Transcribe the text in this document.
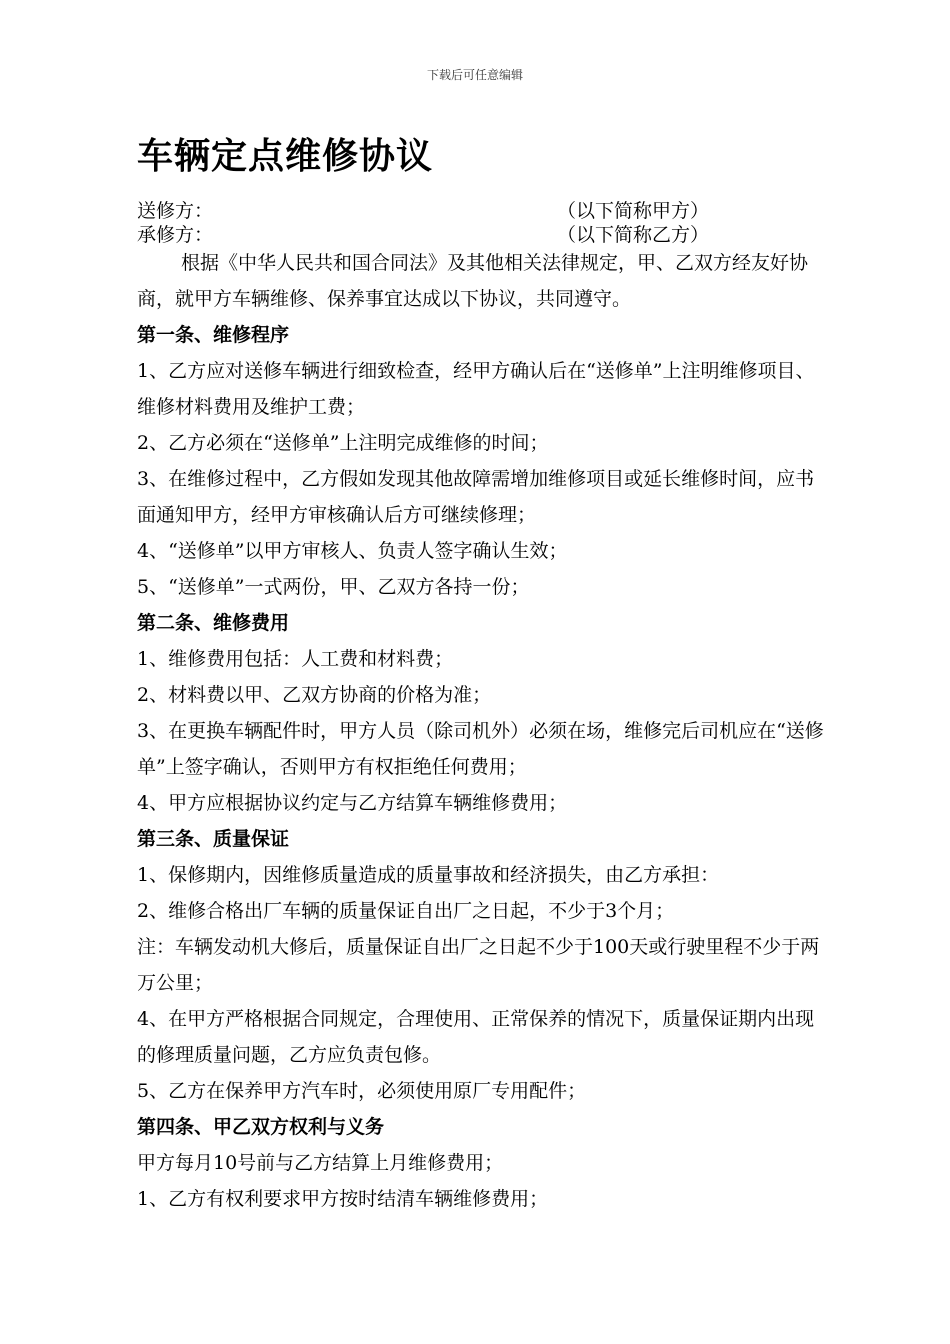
下载后可任意编辑
车辆定点维修协议
送修方：	（以下简称甲方）
承修方：	（以下简称乙方）

根据《中华人民共和国合同法》及其他相关法律规定，甲、乙双方经友好协商，就甲方车辆维修、保养事宜达成以下协议，共同遵守。

第一条、维修程序

1、乙方应对送修车辆进行细致检查，经甲方确认后在“送修单”上注明维修项目、维修材料费用及维护工费；

2、乙方必须在“送修单”上注明完成维修的时间；

3、在维修过程中，乙方假如发现其他故障需增加维修项目或延长维修时间，应书面通知甲方，经甲方审核确认后方可继续修理；

4、“送修单”以甲方审核人、负责人签字确认生效；

5、“送修单”一式两份，甲、乙双方各持一份；

第二条、维修费用

1、维修费用包括：人工费和材料费；

2、材料费以甲、乙双方协商的价格为准；

3、在更换车辆配件时，甲方人员（除司机外）必须在场，维修完后司机应在“送修单”上签字确认，否则甲方有权拒绝任何费用；

4、甲方应根据协议约定与乙方结算车辆维修费用；

第三条、质量保证

1、保修期内，因维修质量造成的质量事故和经济损失，由乙方承担：

2、维修合格出厂车辆的质量保证自出厂之日起，不少于3个月；

注：车辆发动机大修后，质量保证自出厂之日起不少于100天或行驶里程不少于两万公里；

4、在甲方严格根据合同规定，合理使用、正常保养的情况下，质量保证期内出现的修理质量问题，乙方应负责包修。

5、乙方在保养甲方汽车时，必须使用原厂专用配件；

第四条、甲乙双方权利与义务

甲方每月10号前与乙方结算上月维修费用；

1、乙方有权利要求甲方按时结清车辆维修费用；
